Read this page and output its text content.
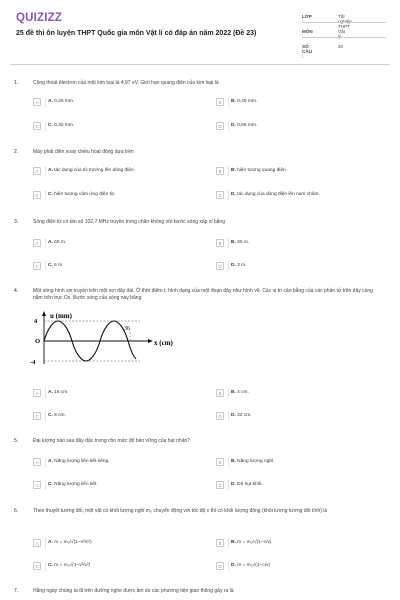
QUIZIZZ
25 đề thi ôn luyện THPT Quốc gia môn Vật lí có đáp án năm 2022 (Đề 23)
LỚP :
Tốt nghiệp THPT
MÔN :
Vật lý
SỐ CÂU :
40
1.	Công thoát êlectron của một kim loại là 4,97 eV. Giới hạn quang điện của kim loại là
A	A. 0,25 mm.	B	B. 0,45 mm.
C	C. 0,32 mm.	D	D. 0,65 mm.
2.	Máy phát điện xoay chiều hoạt động dựa trên
A	A. tác dụng của từ trường lên dòng điện.	B	B. hiện tượng quang điện.
C	C. hiện tượng cảm ứng điện từ.	D	D. tác dụng của dòng điện lên nam châm.
3.	Sóng điện từ có tần số 102,7 MHz truyền trong chân không với bước sóng xấp xỉ bằng
A	A. 60 m.	B	B. 30 m.
C	C. 6 m.	D	D. 3 m.
4.	Một sóng hình sin truyền trên một sợi dây dài. Ở thời điểm t, hình dạng của một đoạn dây như hình vẽ. Các vị trí cân bằng của các phần tử trên dây cùng nằm trên trục Ox. Bước sóng của sóng này bằng
u (mm)
4
-4
O
36
x (cm)
A	A. 16 cm.	B	B. 4 cm.
C	C. 8 cm.	D	D. 32 cm.
5.	Đại lượng nào sau đây đặc trưng cho mức độ bền vững của hạt nhân?
A	A. Năng lượng liên kết riêng.	B	B. Năng lượng nghỉ.
C	C. Năng lượng liên kết.	D	D. Độ hụt khối.
6.	Theo thuyết tương đối, một vật có khối lượng nghỉ m₀ chuyển động với tốc độ v thì có khối lượng động (khối lượng tương đối tính) là
A	A. m = m₀/√(1−v²/c²)	B	B. m = m₀/√(1−c/v)
C	C. m = m₀√(1−v²/c²)	D	D. m = m₀√(1−c/v)
7.	Hằng ngày chúng ta đi trên đường nghe được âm do các phương tiện giao thông gây ra là
